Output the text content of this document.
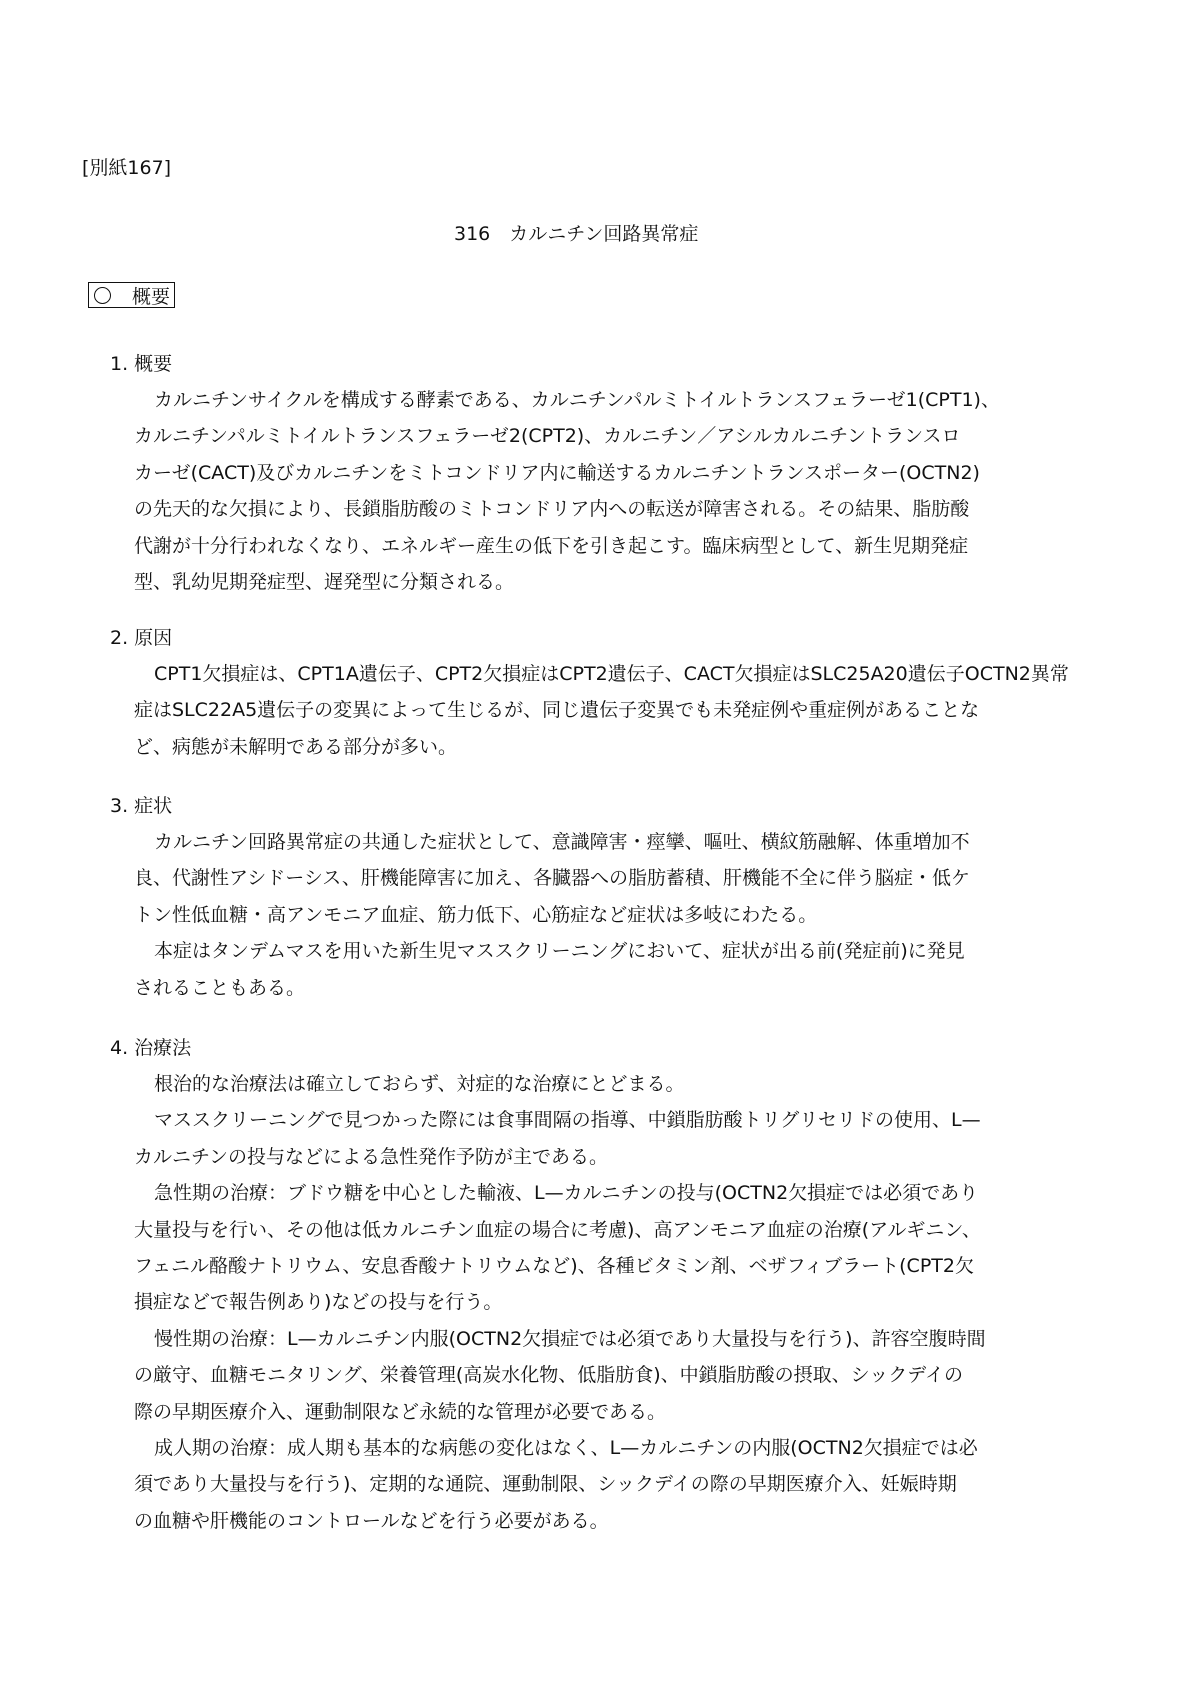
[別紙167]
316　カルニチン回路異常症
概要
1. 概要
カルニチンサイクルを構成する酵素である、カルニチンパルミトイルトランスフェラーゼ1(CPT1)、
カルニチンパルミトイルトランスフェラーゼ2(CPT2)、カルニチン／アシルカルニチントランスロ
カーゼ(CACT)及びカルニチンをミトコンドリア内に輸送するカルニチントランスポーター(OCTN2)
の先天的な欠損により、長鎖脂肪酸のミトコンドリア内への転送が障害される。その結果、脂肪酸
代謝が十分行われなくなり、エネルギー産生の低下を引き起こす。臨床病型として、新生児期発症
型、乳幼児期発症型、遅発型に分類される。
2. 原因
CPT1欠損症は、CPT1A遺伝子、CPT2欠損症はCPT2遺伝子、CACT欠損症はSLC25A20遺伝子OCTN2異常
症はSLC22A5遺伝子の変異によって生じるが、同じ遺伝子変異でも未発症例や重症例があることな
ど、病態が未解明である部分が多い。
3. 症状
カルニチン回路異常症の共通した症状として、意識障害・痙攣、嘔吐、横紋筋融解、体重増加不
良、代謝性アシドーシス、肝機能障害に加え、各臓器への脂肪蓄積、肝機能不全に伴う脳症・低ケ
トン性低血糖・高アンモニア血症、筋力低下、心筋症など症状は多岐にわたる。
本症はタンデムマスを用いた新生児マススクリーニングにおいて、症状が出る前(発症前)に発見
されることもある。
4. 治療法
根治的な治療法は確立しておらず、対症的な治療にとどまる。
マススクリーニングで見つかった際には食事間隔の指導、中鎖脂肪酸トリグリセリドの使用、L—
カルニチンの投与などによる急性発作予防が主である。
急性期の治療：ブドウ糖を中心とした輸液、L—カルニチンの投与(OCTN2欠損症では必須であり
大量投与を行い、その他は低カルニチン血症の場合に考慮)、高アンモニア血症の治療(アルギニン、
フェニル酪酸ナトリウム、安息香酸ナトリウムなど)、各種ビタミン剤、ベザフィブラート(CPT2欠
損症などで報告例あり)などの投与を行う。
慢性期の治療：L—カルニチン内服(OCTN2欠損症では必須であり大量投与を行う)、許容空腹時間
の厳守、血糖モニタリング、栄養管理(高炭水化物、低脂肪食)、中鎖脂肪酸の摂取、シックデイの
際の早期医療介入、運動制限など永続的な管理が必要である。
成人期の治療：成人期も基本的な病態の変化はなく、L—カルニチンの内服(OCTN2欠損症では必
須であり大量投与を行う)、定期的な通院、運動制限、シックデイの際の早期医療介入、妊娠時期
の血糖や肝機能のコントロールなどを行う必要がある。
